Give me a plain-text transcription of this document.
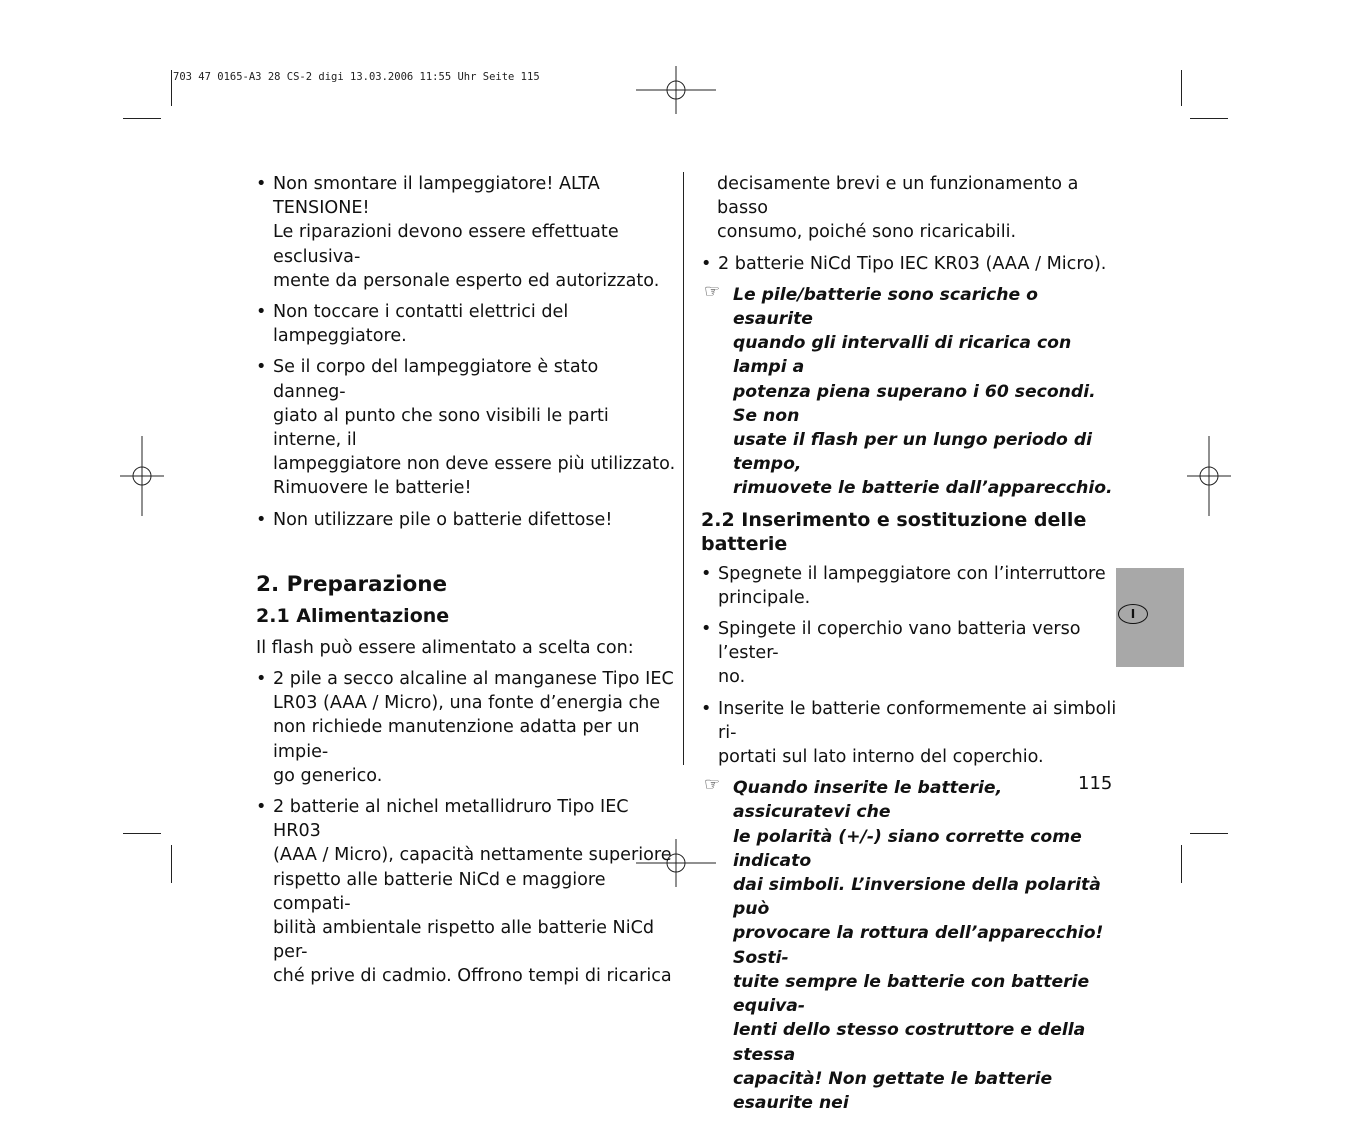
703 47 0165-A3 28 CS-2 digi 13.03.2006 11:55 Uhr Seite 115
• Non smontare il lampeggiatore! ALTA TENSIONE!
Le riparazioni devono essere effettuate esclusiva-
mente da personale esperto ed autorizzato.
• Non toccare i contatti elettrici del lampeggiatore.
• Se il corpo del lampeggiatore è stato danneg-
giato al punto che sono visibili le parti interne, il
lampeggiatore non deve essere più utilizzato.
Rimuovere le batterie!
• Non utilizzare pile o batterie difettose!
2. Preparazione
2.1 Alimentazione
Il flash può essere alimentato a scelta con:
• 2 pile a secco alcaline al manganese Tipo IEC
LR03 (AAA / Micro), una fonte d’energia che
non richiede manutenzione adatta per un impie-
go generico.
• 2 batterie al nichel metallidruro Tipo IEC HR03
(AAA / Micro), capacità nettamente superiore
rispetto alle batterie NiCd e maggiore compati-
bilità ambientale rispetto alle batterie NiCd per-
ché prive di cadmio. Offrono tempi di ricarica
decisamente brevi e un funzionamento a basso
consumo, poiché sono ricaricabili.
• 2 batterie NiCd Tipo IEC KR03 (AAA / Micro).
☞ Le pile/batterie sono scariche o esaurite
quando gli intervalli di ricarica con lampi a
potenza piena superano i 60 secondi. Se non
usate il flash per un lungo periodo di tempo,
rimuovete le batterie dall’apparecchio.
2.2 Inserimento e sostituzione delle batterie
• Spegnete il lampeggiatore con l’interruttore
principale.
• Spingete il coperchio vano batteria verso l’ester-
no.
• Inserite le batterie conformemente ai simboli ri-
portati sul lato interno del coperchio.
☞ Quando inserite le batterie, assicuratevi che
le polarità (+/-) siano corrette come indicato
dai simboli. L’inversione della polarità può
provocare la rottura dell’apparecchio! Sosti-
tuite sempre le batterie con batterie equiva-
lenti dello stesso costruttore e della stessa
capacità! Non gettate le batterie esaurite nei
I
115
